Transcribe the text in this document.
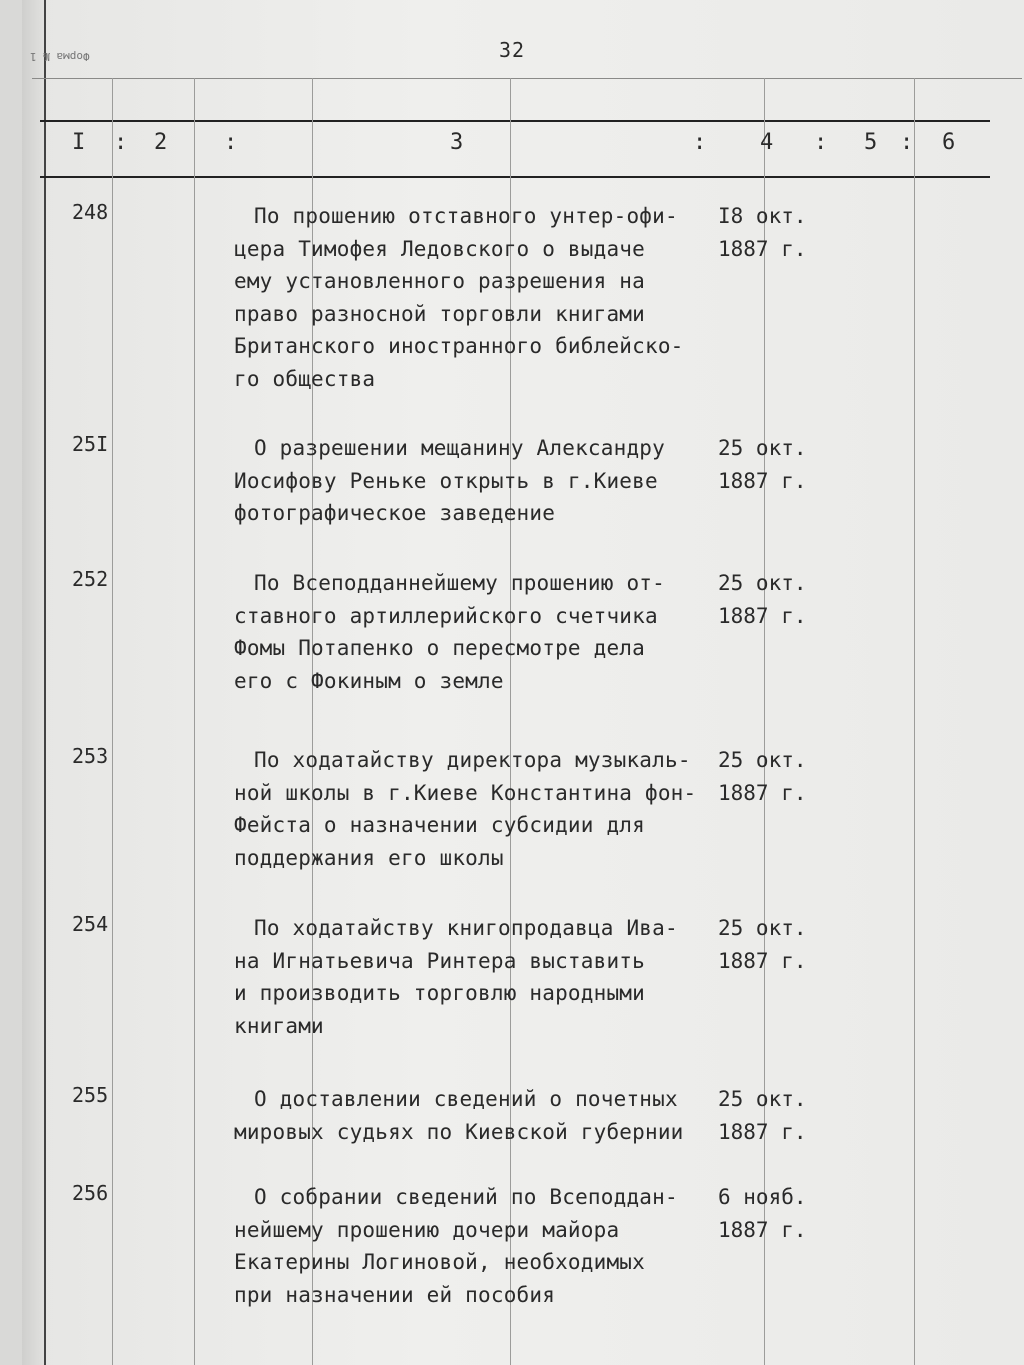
Форма № 1	32
I : 2	:	3	: 4 : 5 : 6
248	По прошению отставного унтер-офи-
цера Тимофея Ледовского о выдаче
ему установленного разрешения на
право разносной торговли книгами
Британского иностранного библейско-
го общества
I8 окт.
1887 г.
25I	О разрешении мещанину Александру
Иосифову Реньке открыть в г.Киеве
фотографическое заведение
25 окт.
1887 г.
252	По Всеподданнейшему прошению от-
ставного артиллерийского счетчика
Фомы Потапенко о пересмотре дела
его с Фокиным о земле
25 окт.
1887 г.
253	По ходатайству директора музыкаль-
ной школы в г.Киеве Константина фон-
Фейста о назначении субсидии для
поддержания его школы
25 окт.
1887 г.
254	По ходатайству книгопродавца Ива-
на Игнатьевича Ринтера выставить
и производить торговлю народными
книгами
25 окт.
1887 г.
255	О доставлении сведений о почетных
мировых судьях по Киевской губернии
25 окт.
1887 г.
256	О собрании сведений по Всеподдан-
нейшему прошению дочери майора
Екатерины Логиновой, необходимых
при назначении ей пособия
6 нояб.
1887 г.
